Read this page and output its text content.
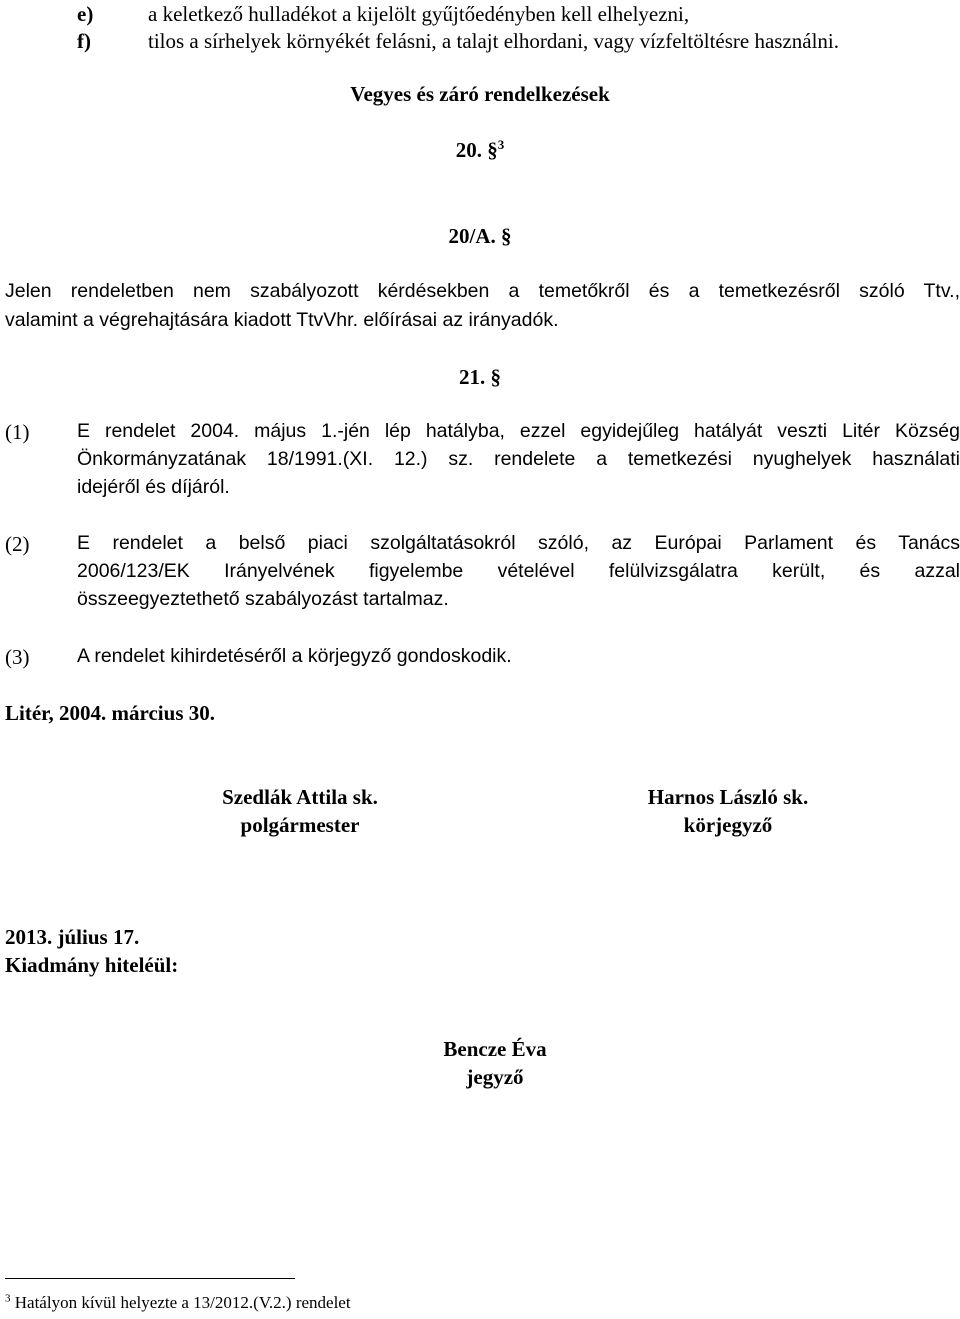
e)	a keletkező hulladékot a kijelölt gyűjtőedényben kell elhelyezni,
f)	tilos a sírhelyek környékét felásni, a talajt elhordani, vagy vízfeltöltésre használni.
Vegyes és záró rendelkezések
20. §$^3$
20/A. §
Jelen rendeletben nem szabályozott kérdésekben a temetőkről és a temetkezésről szóló Ttv.,
valamint a végrehajtására kiadott TtvVhr. előírásai az irányadók.
21. §
(1) E rendelet 2004. május 1.-jén lép hatályba, ezzel egyidejűleg hatályát veszti Litér Község
Önkormányzatának 18/1991.(XI. 12.) sz. rendelete a temetkezési nyughelyek használati
idejéről és díjáról.
(2) E rendelet a belső piaci szolgáltatásokról szóló, az Európai Parlament és Tanács
2006/123/EK Irányelvének figyelembe vételével felülvizsgálatra került, és azzal
összeegyeztethető szabályozást tartalmaz.
(3) A rendelet kihirdetéséről a körjegyző gondoskodik.
Litér, 2004. március 30.
Szedlák Attila sk.
polgármester
Harnos László sk.
körjegyző
2013. július 17.
Kiadmány hiteléül:
Bencze Éva
jegyző
$^3$ Hatályon kívül helyezte a 13/2012.(V.2.) rendelet
